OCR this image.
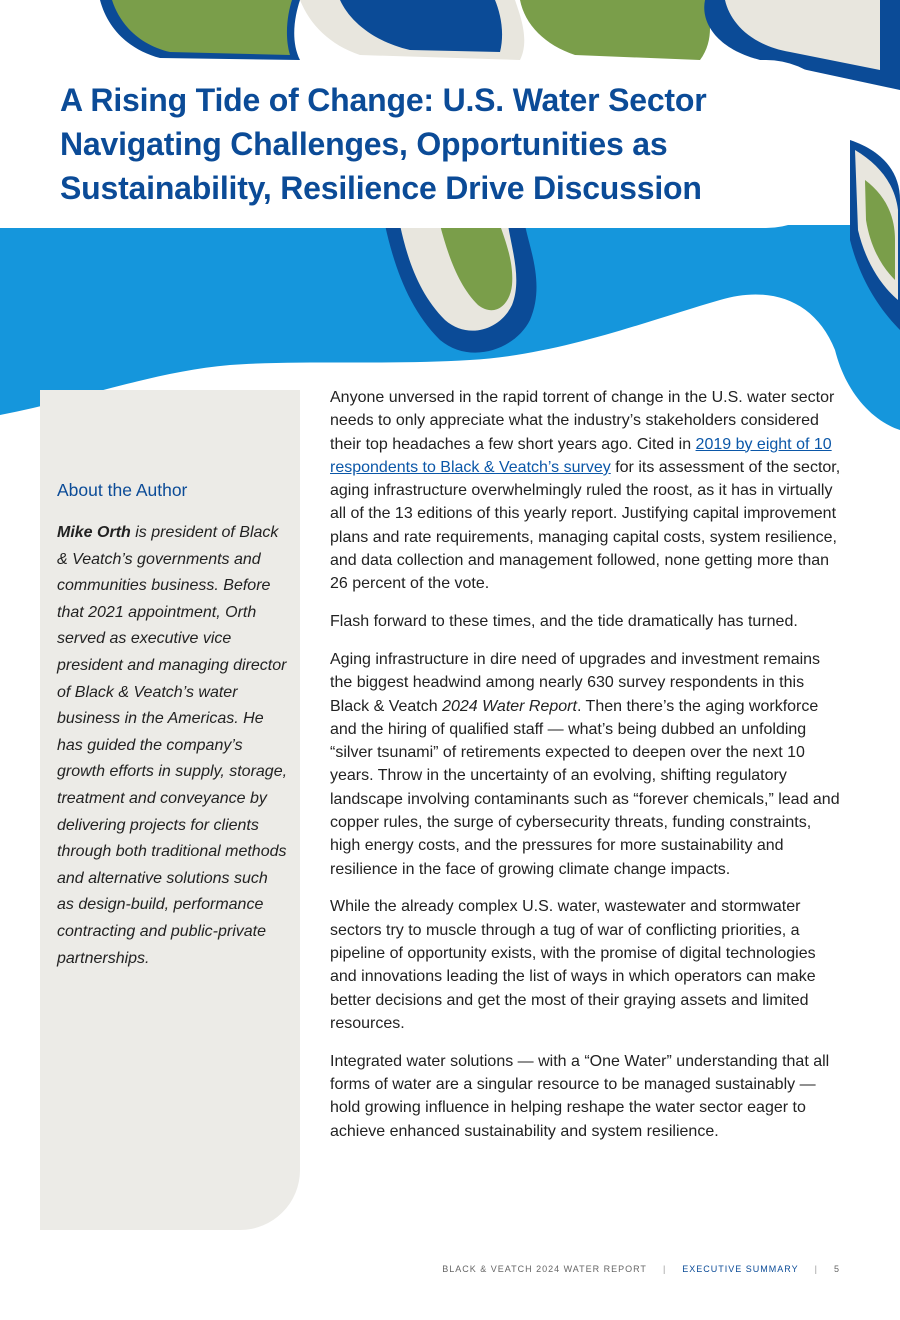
A Rising Tide of Change: U.S. Water Sector Navigating Challenges, Opportunities as Sustainability, Resilience Drive Discussion
About the Author

Mike Orth is president of Black & Veatch’s governments and communities business. Before that 2021 appointment, Orth served as executive vice president and managing director of Black & Veatch’s water business in the Americas. He has guided the company’s growth efforts in supply, storage, treatment and conveyance by delivering projects for clients through both traditional methods and alternative solutions such as design-build, performance contracting and public-private partnerships.

Anyone unversed in the rapid torrent of change in the U.S. water sector needs to only appreciate what the industry’s stakeholders considered their top headaches a few short years ago. Cited in 2019 by eight of 10 respondents to Black & Veatch’s survey for its assessment of the sector, aging infrastructure overwhelmingly ruled the roost, as it has in virtually all of the 13 editions of this yearly report. Justifying capital improvement plans and rate requirements, managing capital costs, system resilience, and data collection and management followed, none getting more than 26 percent of the vote.

Flash forward to these times, and the tide dramatically has turned.

Aging infrastructure in dire need of upgrades and investment remains the biggest headwind among nearly 630 survey respondents in this Black & Veatch 2024 Water Report. Then there’s the aging workforce and the hiring of qualified staff — what’s being dubbed an unfolding “silver tsunami” of retirements expected to deepen over the next 10 years. Throw in the uncertainty of an evolving, shifting regulatory landscape involving contaminants such as “forever chemicals,” lead and copper rules, the surge of cybersecurity threats, funding constraints, high energy costs, and the pressures for more sustainability and resilience in the face of growing climate change impacts.

While the already complex U.S. water, wastewater and stormwater sectors try to muscle through a tug of war of conflicting priorities, a pipeline of opportunity exists, with the promise of digital technologies and innovations leading the list of ways in which operators can make better decisions and get the most of their graying assets and limited resources.

Integrated water solutions — with a “One Water” understanding that all forms of water are a singular resource to be managed sustainably — hold growing influence in helping reshape the water sector eager to achieve enhanced sustainability and system resilience.

BLACK & VEATCH 2024 WATER REPORT | EXECUTIVE SUMMARY | 5
